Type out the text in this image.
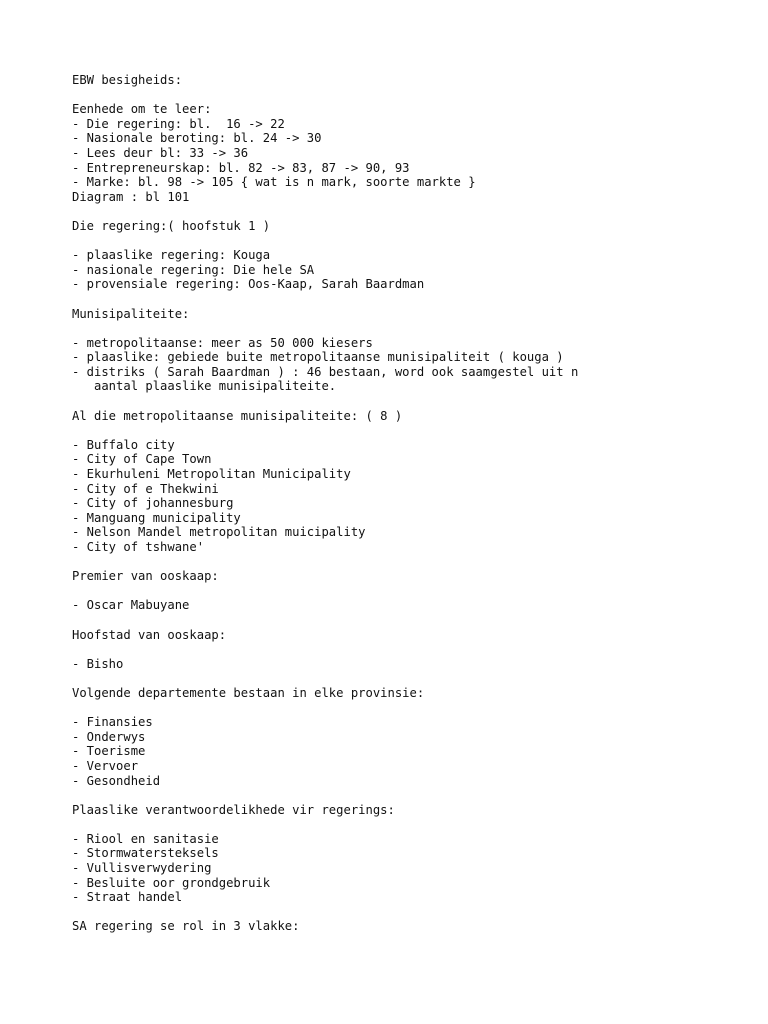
EBW besigheids:
Eenhede om te leer:
- Die regering: bl.  16 -> 22
- Nasionale beroting: bl. 24 -> 30
- Lees deur bl: 33 -> 36
- Entrepreneurskap: bl. 82 -> 83, 87 -> 90, 93
- Marke: bl. 98 -> 105 { wat is n mark, soorte markte }
Diagram : bl 101
Die regering:( hoofstuk 1 )
- plaaslike regering: Kouga
- nasionale regering: Die hele SA
- provensiale regering: Oos-Kaap, Sarah Baardman
Munisipaliteite:
- metropolitaanse: meer as 50 000 kiesers
- plaaslike: gebiede buite metropolitaanse munisipaliteit ( kouga )
- distriks ( Sarah Baardman ) : 46 bestaan, word ook saamgestel uit n
aantal plaaslike munisipaliteite.
Al die metropolitaanse munisipaliteite: ( 8 )
- Buffalo city
- City of Cape Town
- Ekurhuleni Metropolitan Municipality
- City of e Thekwini
- City of johannesburg
- Manguang municipality
- Nelson Mandel metropolitan muicipality
- City of tshwane'
Premier van ooskaap:
- Oscar Mabuyane
Hoofstad van ooskaap:
- Bisho
Volgende departemente bestaan in elke provinsie:
- Finansies
- Onderwys
- Toerisme
- Vervoer
- Gesondheid
Plaaslike verantwoordelikhede vir regerings:
- Riool en sanitasie
- Stormwatersteksels
- Vullisverwydering
- Besluite oor grondgebruik
- Straat handel
SA regering se rol in 3 vlakke:
